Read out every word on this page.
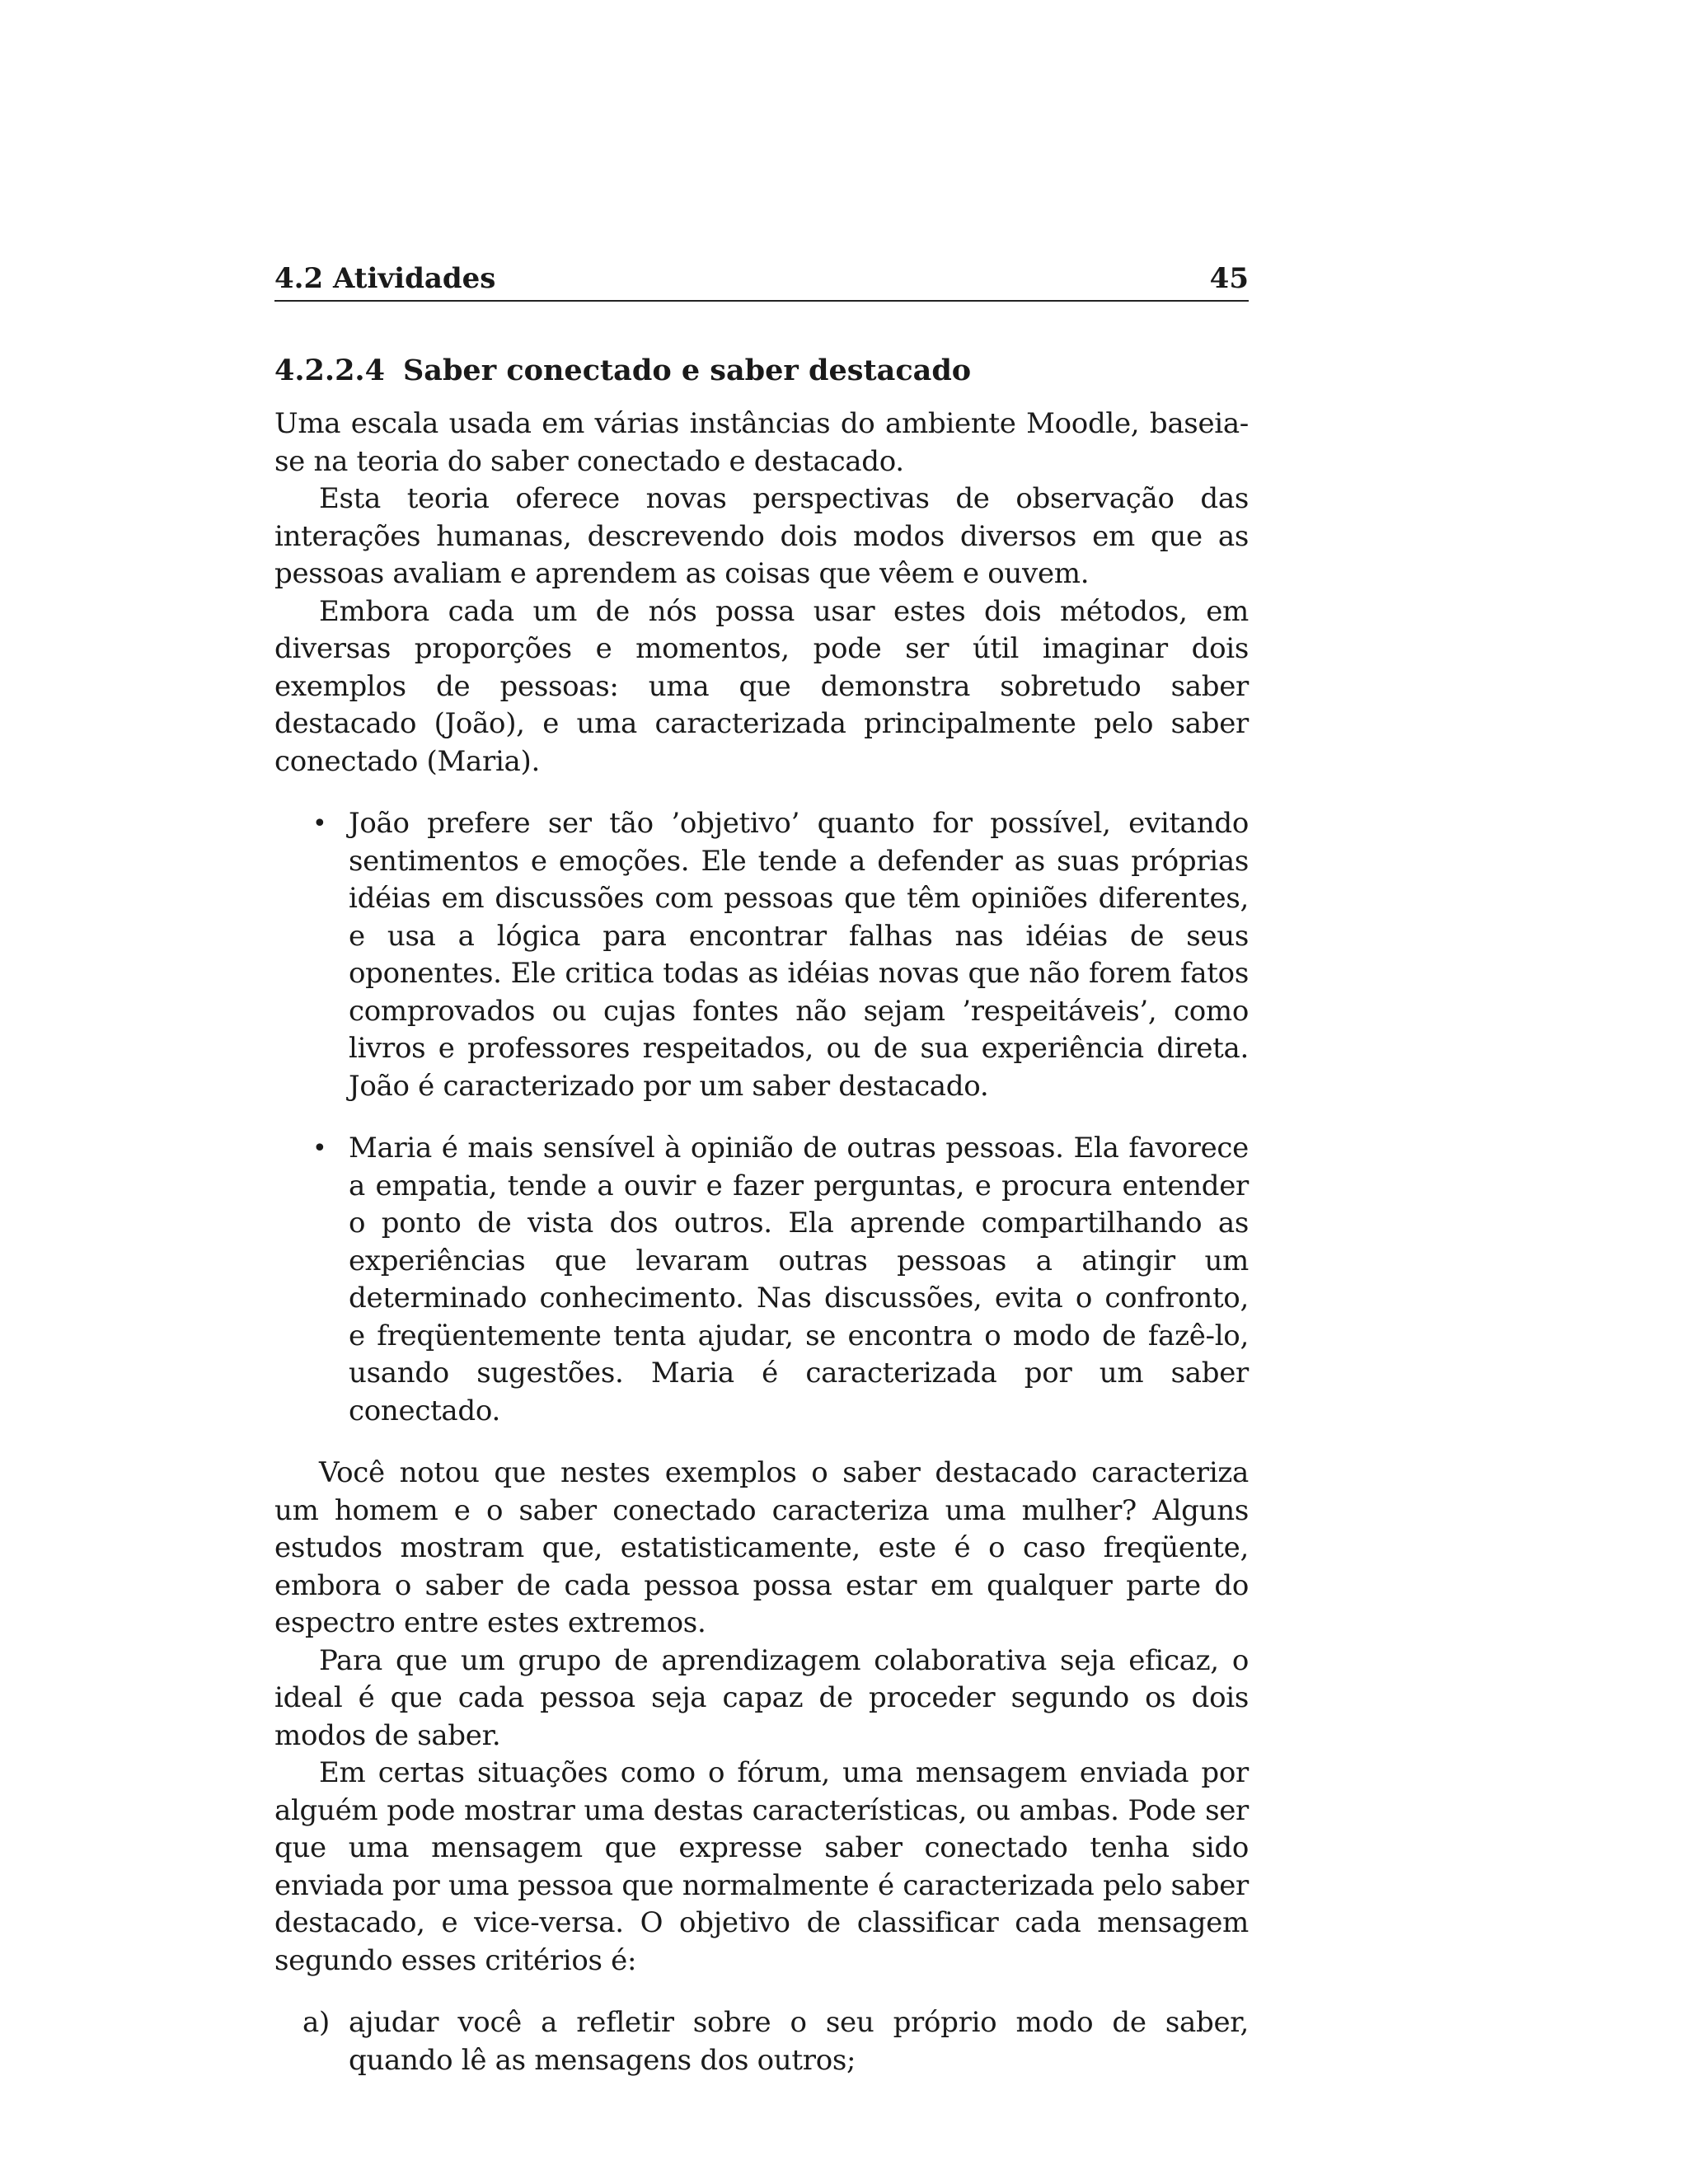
4.2 Atividades	45
4.2.2.4 Saber conectado e saber destacado

Uma escala usada em várias instâncias do ambiente Moodle, baseia-se na teoria do saber conectado e destacado.

Esta teoria oferece novas perspectivas de observação das interações humanas, descrevendo dois modos diversos em que as pessoas avaliam e aprendem as coisas que vêem e ouvem.

Embora cada um de nós possa usar estes dois métodos, em diversas proporções e momentos, pode ser útil imaginar dois exemplos de pessoas: uma que demonstra sobretudo saber destacado (João), e uma caracterizada principalmente pelo saber conectado (Maria).

• João prefere ser tão ’objetivo’ quanto for possível, evitando sentimentos e emoções. Ele tende a defender as suas próprias idéias em discussões com pessoas que têm opiniões diferentes, e usa a lógica para encontrar falhas nas idéias de seus oponentes. Ele critica todas as idéias novas que não forem fatos comprovados ou cujas fontes não sejam ’respeitáveis’, como livros e professores respeitados, ou de sua experiência direta. João é caracterizado por um saber destacado.
• Maria é mais sensível à opinião de outras pessoas. Ela favorece a empatia, tende a ouvir e fazer perguntas, e procura entender o ponto de vista dos outros. Ela aprende compartilhando as experiências que levaram outras pessoas a atingir um determinado conhecimento. Nas discussões, evita o confronto, e freqüentemente tenta ajudar, se encontra o modo de fazê-lo, usando sugestões. Maria é caracterizada por um saber conectado.

Você notou que nestes exemplos o saber destacado caracteriza um homem e o saber conectado caracteriza uma mulher? Alguns estudos mostram que, estatisticamente, este é o caso freqüente, embora o saber de cada pessoa possa estar em qualquer parte do espectro entre estes extremos.

Para que um grupo de aprendizagem colaborativa seja eficaz, o ideal é que cada pessoa seja capaz de proceder segundo os dois modos de saber.

Em certas situações como o fórum, uma mensagem enviada por alguém pode mostrar uma destas características, ou ambas. Pode ser que uma mensagem que expresse saber conectado tenha sido enviada por uma pessoa que normalmente é caracterizada pelo saber destacado, e vice-versa. O objetivo de classificar cada mensagem segundo esses critérios é:

a) ajudar você a refletir sobre o seu próprio modo de saber, quando lê as mensagens dos outros;
